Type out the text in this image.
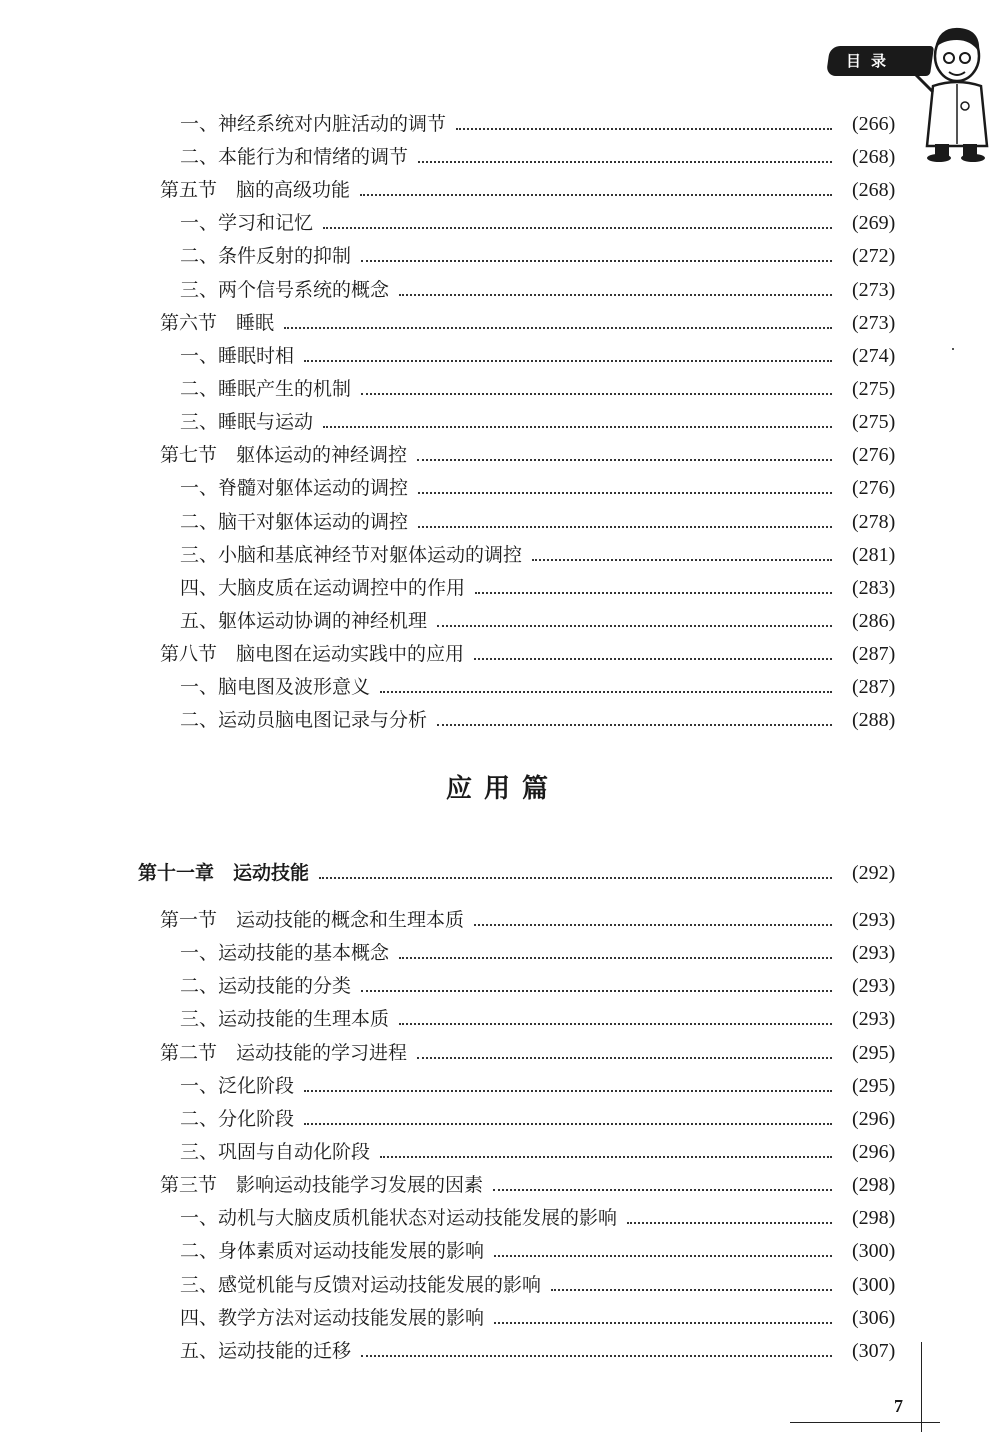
目录
一、神经系统对内脏活动的调节	(266)
二、本能行为和情绪的调节	(268)
第五节　脑的高级功能	(268)
一、学习和记忆	(269)
二、条件反射的抑制	(272)
三、两个信号系统的概念	(273)
第六节　睡眠	(273)
一、睡眠时相	(274)
二、睡眠产生的机制	(275)
三、睡眠与运动	(275)
第七节　躯体运动的神经调控	(276)
一、脊髓对躯体运动的调控	(276)
二、脑干对躯体运动的调控	(278)
三、小脑和基底神经节对躯体运动的调控	(281)
四、大脑皮质在运动调控中的作用	(283)
五、躯体运动协调的神经机理	(286)
第八节　脑电图在运动实践中的应用	(287)
一、脑电图及波形意义	(287)
二、运动员脑电图记录与分析	(288)
第十一章　运动技能	(292)
第一节　运动技能的概念和生理本质	(293)
一、运动技能的基本概念	(293)
二、运动技能的分类	(293)
三、运动技能的生理本质	(293)
第二节　运动技能的学习进程	(295)
一、泛化阶段	(295)
二、分化阶段	(296)
三、巩固与自动化阶段	(296)
第三节　影响运动技能学习发展的因素	(298)
一、动机与大脑皮质机能状态对运动技能发展的影响	(298)
二、身体素质对运动技能发展的影响	(300)
三、感觉机能与反馈对运动技能发展的影响	(300)
四、教学方法对运动技能发展的影响	(306)
五、运动技能的迁移	(307)
应用篇
7
